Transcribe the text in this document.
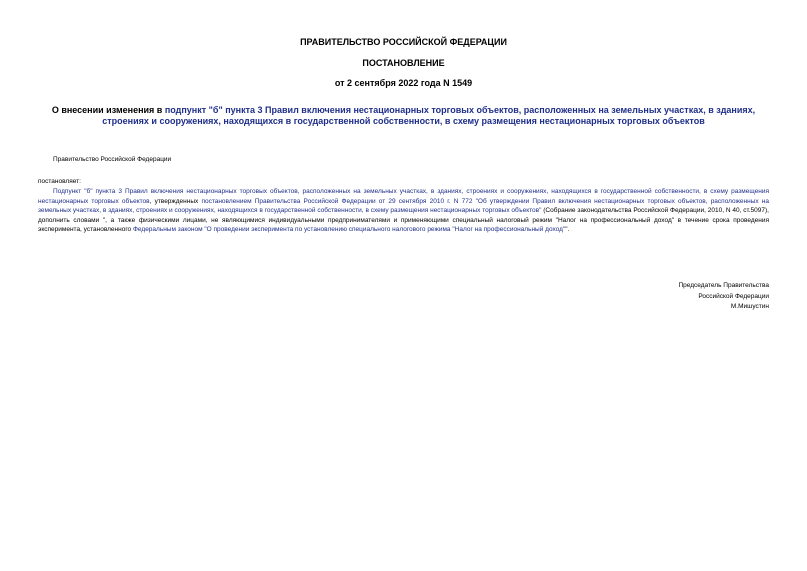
ПРАВИТЕЛЬСТВО РОССИЙСКОЙ ФЕДЕРАЦИИ
ПОСТАНОВЛЕНИЕ
от 2 сентября 2022 года N 1549

О внесении изменения в подпункт "б" пункта 3 Правил включения нестационарных торговых объектов, расположенных на земельных участках, в зданиях, строениях и сооружениях, находящихся в государственной собственности, в схему размещения нестационарных торговых объектов

Правительство Российской Федерации

постановляет:

Подпункт "б" пункта 3 Правил включения нестационарных торговых объектов, расположенных на земельных участках, в зданиях, строениях и сооружениях, находящихся в государственной собственности, в схему размещения нестационарных торговых объектов, утвержденных постановлением Правительства Российской Федерации от 29 сентября 2010 г. N 772 "Об утверждении Правил включения нестационарных торговых объектов, расположенных на земельных участках, в зданиях, строениях и сооружениях, находящихся в государственной собственности, в схему размещения нестационарных торговых объектов" (Собрание законодательства Российской Федерации, 2010, N 40, ст.5097), дополнить словами ", а также физическими лицами, не являющимися индивидуальными предпринимателями и применяющими специальный налоговый режим "Налог на профессиональный доход" в течение срока проведения эксперимента, установленного Федеральным законом "О проведении эксперимента по установлению специального налогового режима "Налог на профессиональный доход"".

Председатель Правительства
Российской Федерации
М.Мишустин
